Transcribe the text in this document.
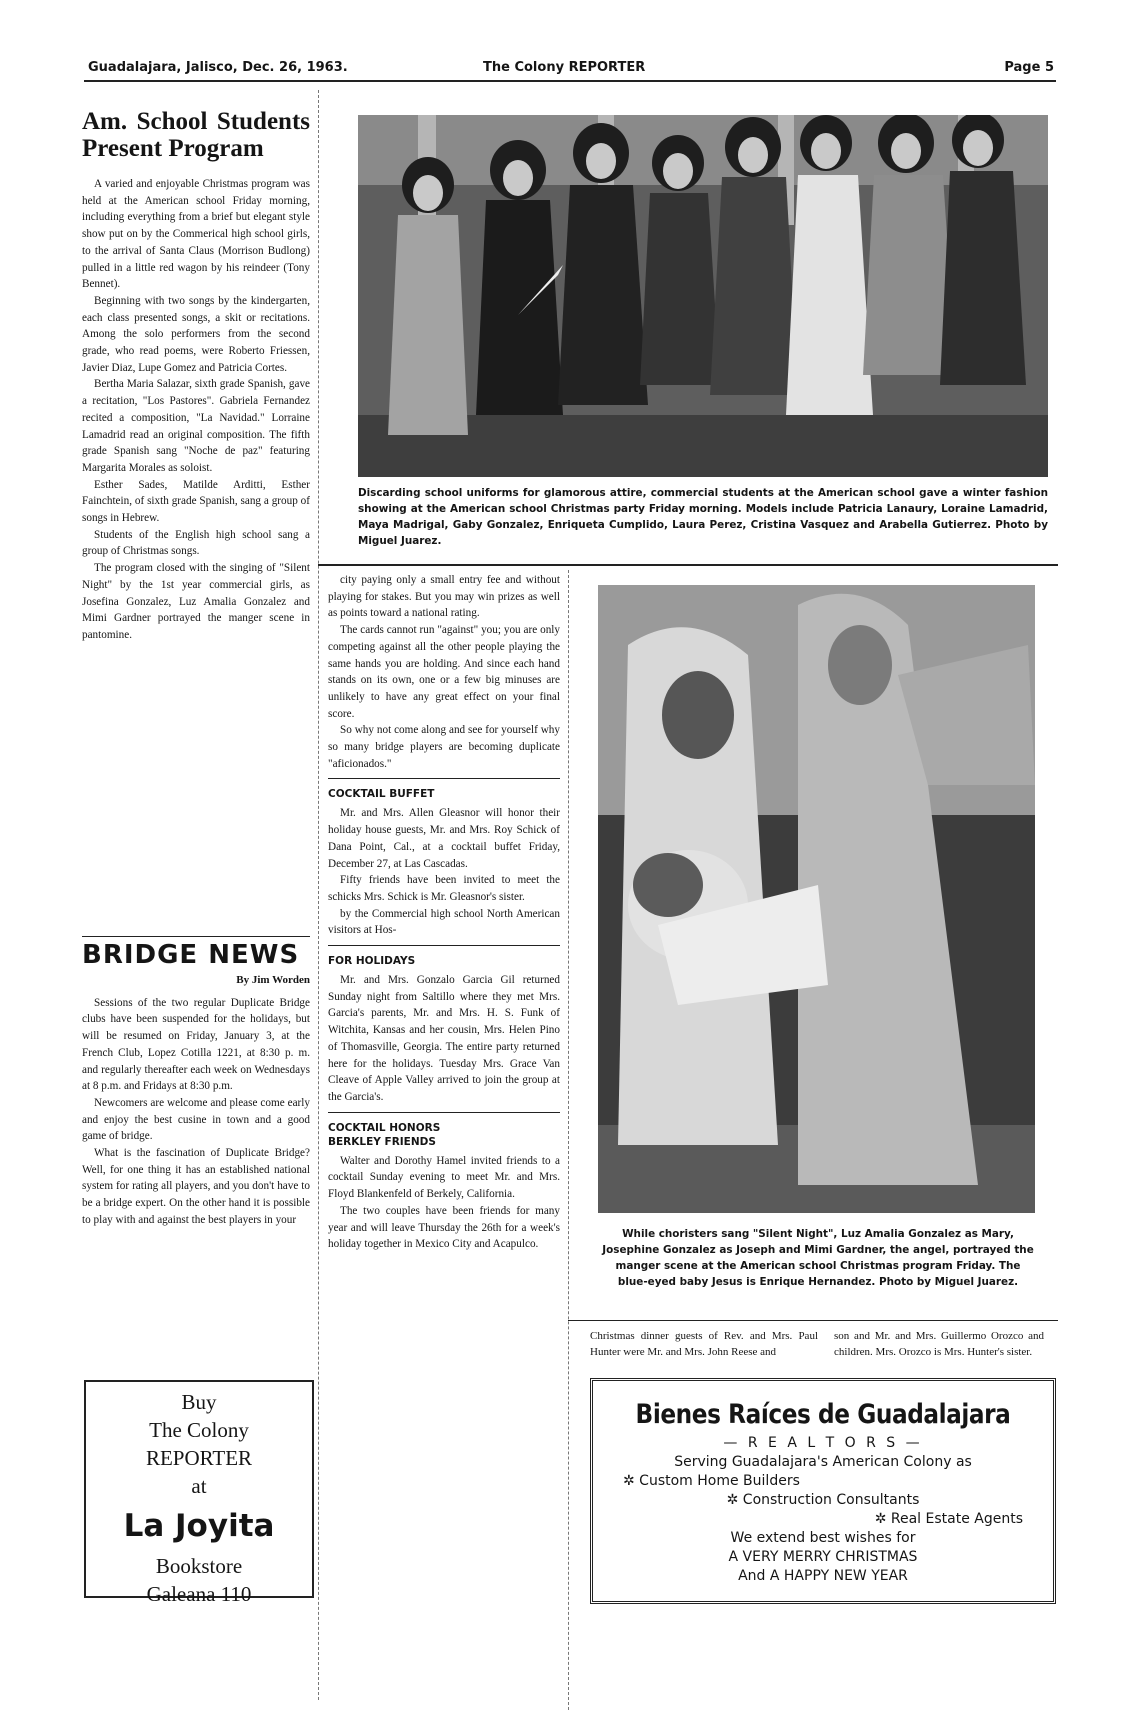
Guadalajara, Jalisco, Dec. 26, 1963.	The Colony REPORTER	Page 5
Am. School Students Present Program

A varied and enjoyable Christmas program was held at the American school Friday morning, including everything from a brief but elegant style show put on by the Commerical high school girls, to the arrival of Santa Claus (Morrison Budlong) pulled in a little red wagon by his reindeer (Tony Bennet).

Beginning with two songs by the kindergarten, each class presented songs, a skit or recitations. Among the solo performers from the second grade, who read poems, were Roberto Friessen, Javier Diaz, Lupe Gomez and Patricia Cortes.

Bertha Maria Salazar, sixth grade Spanish, gave a recitation, "Los Pastores". Gabriela Fernandez recited a composition, "La Navidad." Lorraine Lamadrid read an original composition. The fifth grade Spanish sang "Noche de paz" featuring Margarita Morales as soloist.

Esther Sades, Matilde Arditti, Esther Fainchtein, of sixth grade Spanish, sang a group of songs in Hebrew.

Students of the English high school sang a group of Christmas songs.

The program closed with the singing of "Silent Night" by the 1st year commercial girls, as Josefina Gonzalez, Luz Amalia Gonzalez and Mimi Gardner portrayed the manger scene in pantomine.

BRIDGE NEWS
By Jim Worden

Sessions of the two regular Duplicate Bridge clubs have been suspended for the holidays, but will be resumed on Friday, January 3, at the French Club, Lopez Cotilla 1221, at 8:30 p. m. and regularly thereafter each week on Wednesdays at 8 p.m. and Fridays at 8:30 p.m.

Newcomers are welcome and please come early and enjoy the best cusine in town and a good game of bridge.

What is the fascination of Duplicate Bridge? Well, for one thing it has an established national system for rating all players, and you don't have to be a bridge expert. On the other hand it is possible to play with and against the best players in your

Buy
The Colony
REPORTER
at
La Joyita
Bookstore
Galeana 110
Discarding school uniforms for glamorous attire, commercial students at the American school gave a winter fashion showing at the American school Christmas party Friday morning. Models include Patricia Lanaury, Loraine Lamadrid, Maya Madrigal, Gaby Gonzalez, Enriqueta Cumplido, Laura Perez, Cristina Vasquez and Arabella Gutierrez. Photo by Miguel Juarez.

city paying only a small entry fee and without playing for stakes. But you may win prizes as well as points toward a national rating.

The cards cannot run "against" you; you are only competing against all the other people playing the same hands you are holding. And since each hand stands on its own, one or a few big minuses are unlikely to have any great effect on your final score.

So why not come along and see for yourself why so many bridge players are becoming duplicate "aficionados."

COCKTAIL BUFFET

Mr. and Mrs. Allen Gleasnor will honor their holiday house guests, Mr. and Mrs. Roy Schick of Dana Point, Cal., at a cocktail buffet Friday, December 27, at Las Cascadas.

Fifty friends have been invited to meet the schicks Mrs. Schick is Mr. Gleasnor's sister.

by the Commercial high school North American visitors at Hos-

FOR HOLIDAYS

Mr. and Mrs. Gonzalo Garcia Gil returned Sunday night from Saltillo where they met Mrs. Garcia's parents, Mr. and Mrs. H. S. Funk of Witchita, Kansas and her cousin, Mrs. Helen Pino of Thomasville, Georgia. The entire party returned here for the holidays. Tuesday Mrs. Grace Van Cleave of Apple Valley arrived to join the group at the Garcia's.

COCKTAIL HONORS
BERKLEY FRIENDS

Walter and Dorothy Hamel invited friends to a cocktail Sunday evening to meet Mr. and Mrs. Floyd Blankenfeld of Berkely, California.

The two couples have been friends for many year and will leave Thursday the 26th for a week's holiday together in Mexico City and Acapulco.

While choristers sang "Silent Night", Luz Amalia Gonzalez as Mary, Josephine Gonzalez as Joseph and Mimi Gardner, the angel, portrayed the manger scene at the American school Christmas program Friday. The blue-eyed baby Jesus is Enrique Hernandez. Photo by Miguel Juarez.
Christmas dinner guests of Rev. and Mrs. Paul Hunter were Mr. and Mrs. John Reese and
son and Mr. and Mrs. Guillermo Orozco and children. Mrs. Orozco is Mrs. Hunter's sister.
Bienes Raíces de Guadalajara
— R E A L T O R S —
Serving Guadalajara's American Colony as
✲ Custom Home Builders
✲ Construction Consultants
✲ Real Estate Agents
We extend best wishes for
A VERY MERRY CHRISTMAS
And A HAPPY NEW YEAR
